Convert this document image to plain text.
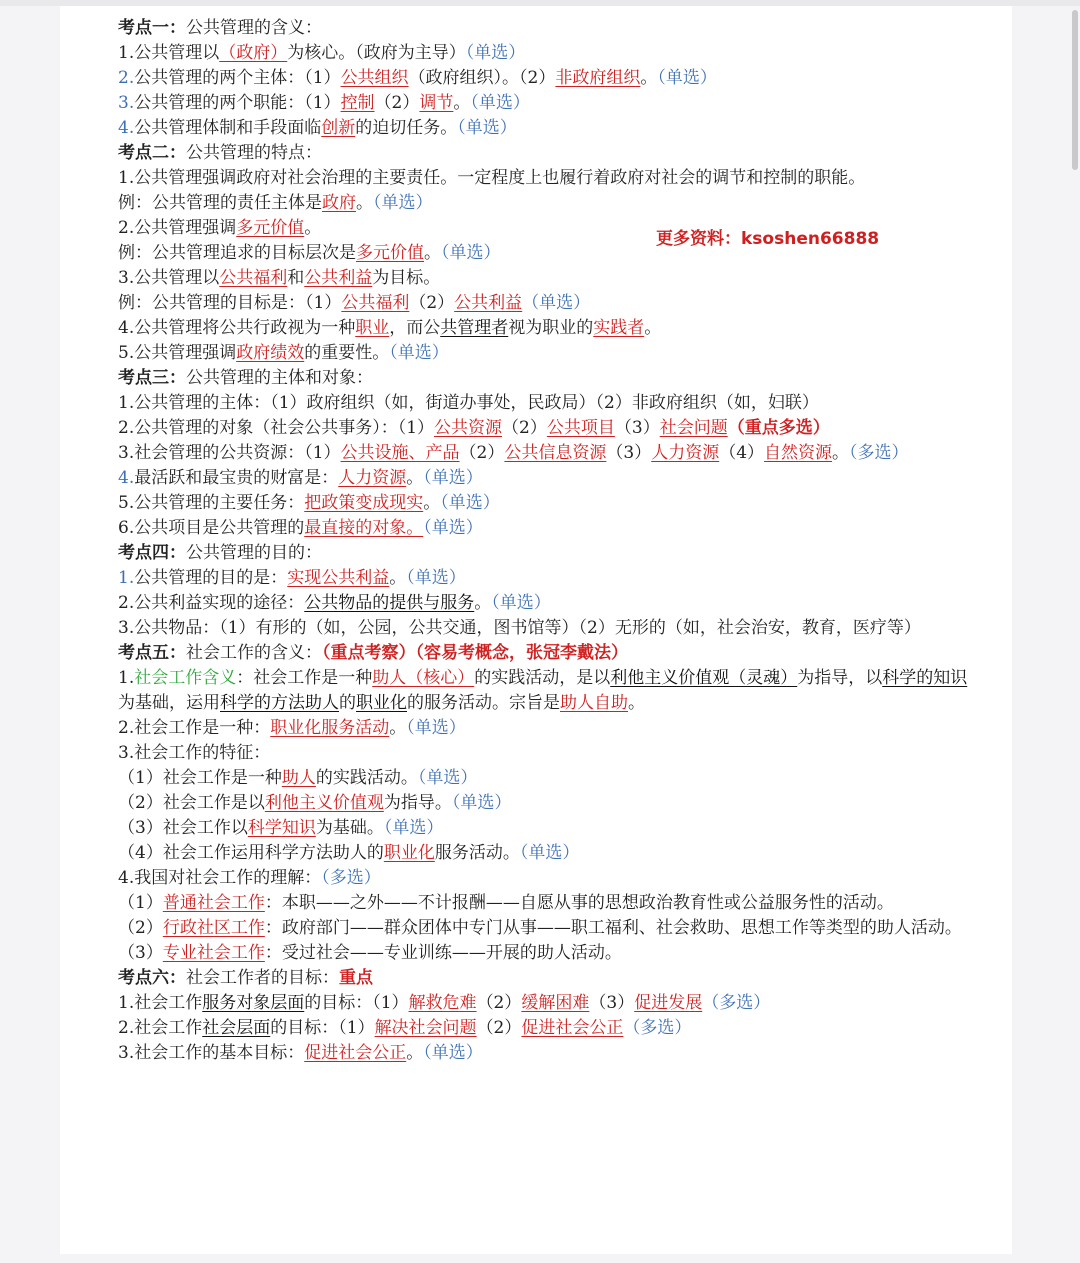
考点一：公共管理的含义：
1.公共管理以（政府）为核心。（政府为主导）（单选）
2.公共管理的两个主体：（1）公共组织（政府组织）。（2）非政府组织。（单选）
3.公共管理的两个职能：（1）控制（2）调节。（单选）
4.公共管理体制和手段面临创新的迫切任务。（单选）
考点二：公共管理的特点：
1.公共管理强调政府对社会治理的主要责任。一定程度上也履行着政府对社会的调节和控制的职能。
例：公共管理的责任主体是政府。（单选）
2.公共管理强调多元价值。
例：公共管理追求的目标层次是多元价值。（单选）
3.公共管理以公共福利和公共利益为目标。
例：公共管理的目标是：（1）公共福利（2）公共利益（单选）
4.公共管理将公共行政视为一种职业，而公共管理者视为职业的实践者。
5.公共管理强调政府绩效的重要性。（单选）
考点三：公共管理的主体和对象：
1.公共管理的主体：（1）政府组织（如，街道办事处，民政局）（2）非政府组织（如，妇联）
2.公共管理的对象（社会公共事务）：（1）公共资源（2）公共项目（3）社会问题（重点多选）
3.社会管理的公共资源：（1）公共设施、产品（2）公共信息资源（3）人力资源（4）自然资源。（多选）
4.最活跃和最宝贵的财富是：人力资源。（单选）
5.公共管理的主要任务：把政策变成现实。（单选）
6.公共项目是公共管理的最直接的对象。（单选）
考点四：公共管理的目的：
1.公共管理的目的是：实现公共利益。（单选）
2.公共利益实现的途径：公共物品的提供与服务。（单选）
3.公共物品：（1）有形的（如，公园，公共交通，图书馆等）（2）无形的（如，社会治安，教育，医疗等）
考点五：社会工作的含义：（重点考察）（容易考概念，张冠李戴法）
1.社会工作含义：社会工作是一种助人（核心）的实践活动，是以利他主义价值观（灵魂）为指导，以科学的知识为基础，运用科学的方法助人的职业化的服务活动。宗旨是助人自助。
2.社会工作是一种：职业化服务活动。（单选）
3.社会工作的特征：
（1）社会工作是一种助人的实践活动。（单选）
（2）社会工作是以利他主义价值观为指导。（单选）
（3）社会工作以科学知识为基础。（单选）
（4）社会工作运用科学方法助人的职业化服务活动。（单选）
4.我国对社会工作的理解：（多选）
（1）普通社会工作：本职——之外——不计报酬——自愿从事的思想政治教育性或公益服务性的活动。
（2）行政社区工作：政府部门——群众团体中专门从事——职工福利、社会救助、思想工作等类型的助人活动。
（3）专业社会工作：受过社会——专业训练——开展的助人活动。
考点六：社会工作者的目标：重点
1.社会工作服务对象层面的目标：（1）解救危难（2）缓解困难（3）促进发展（多选）
2.社会工作社会层面的目标：（1）解决社会问题（2）促进社会公正（多选）
3.社会工作的基本目标：促进社会公正。（单选）
更多资料：ksoshen66888
